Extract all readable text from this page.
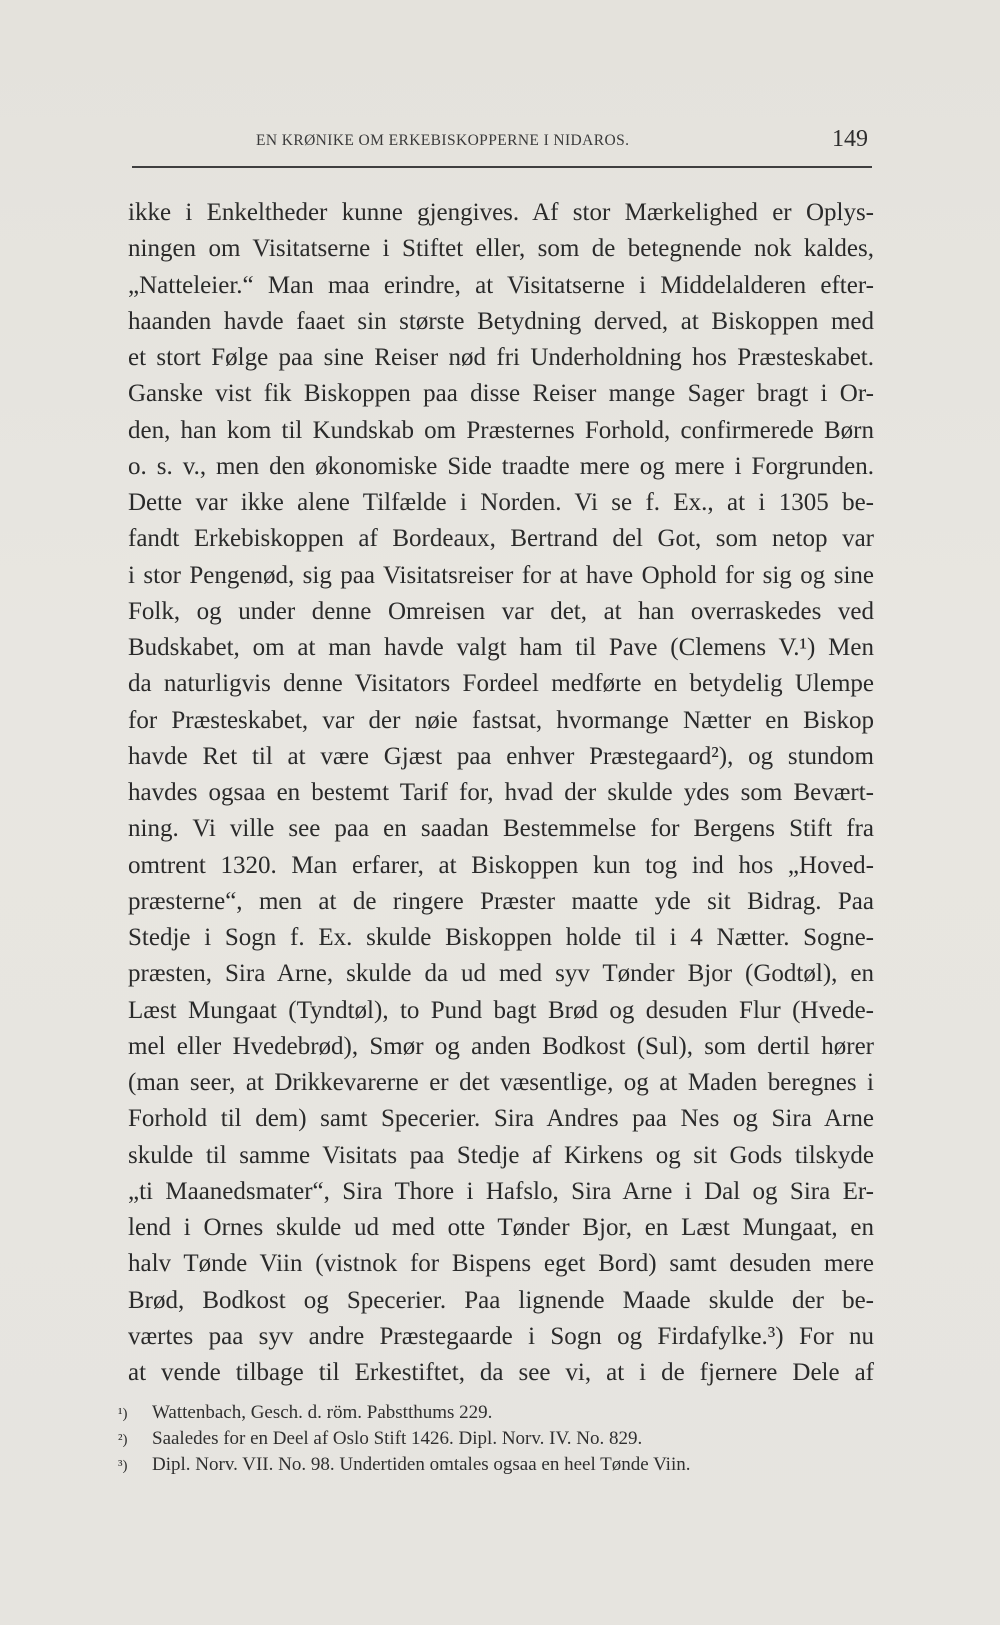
EN KRØNIKE OM ERKEBISKOPPERNE I NIDAROS.	149
ikke i Enkeltheder kunne gjengives. Af stor Mærkelighed er Oplys-
ningen om Visitatserne i Stiftet eller, som de betegnende nok kaldes,
„Natteleier.“ Man maa erindre, at Visitatserne i Middelalderen efter-
haanden havde faaet sin største Betydning derved, at Biskoppen med
et stort Følge paa sine Reiser nød fri Underholdning hos Præsteskabet.
Ganske vist fik Biskoppen paa disse Reiser mange Sager bragt i Or-
den, han kom til Kundskab om Præsternes Forhold, confirmerede Børn
o. s. v., men den økonomiske Side traadte mere og mere i Forgrunden.
Dette var ikke alene Tilfælde i Norden. Vi se f. Ex., at i 1305 be-
fandt Erkebiskoppen af Bordeaux, Bertrand del Got, som netop var
i stor Pengenød, sig paa Visitatsreiser for at have Ophold for sig og sine
Folk, og under denne Omreisen var det, at han overraskedes ved
Budskabet, om at man havde valgt ham til Pave (Clemens V.¹) Men
da naturligvis denne Visitators Fordeel medførte en betydelig Ulempe
for Præsteskabet, var der nøie fastsat, hvormange Nætter en Biskop
havde Ret til at være Gjæst paa enhver Præstegaard²), og stundom
havdes ogsaa en bestemt Tarif for, hvad der skulde ydes som Bevært-
ning. Vi ville see paa en saadan Bestemmelse for Bergens Stift fra
omtrent 1320. Man erfarer, at Biskoppen kun tog ind hos „Hoved-
præsterne“, men at de ringere Præster maatte yde sit Bidrag. Paa
Stedje i Sogn f. Ex. skulde Biskoppen holde til i 4 Nætter. Sogne-
præsten, Sira Arne, skulde da ud med syv Tønder Bjor (Godtøl), en
Læst Mungaat (Tyndtøl), to Pund bagt Brød og desuden Flur (Hvede-
mel eller Hvedebrød), Smør og anden Bodkost (Sul), som dertil hører
(man seer, at Drikkevarerne er det væsentlige, og at Maden beregnes i
Forhold til dem) samt Specerier. Sira Andres paa Nes og Sira Arne
skulde til samme Visitats paa Stedje af Kirkens og sit Gods tilskyde
„ti Maanedsmater“, Sira Thore i Hafslo, Sira Arne i Dal og Sira Er-
lend i Ornes skulde ud med otte Tønder Bjor, en Læst Mungaat, en
halv Tønde Viin (vistnok for Bispens eget Bord) samt desuden mere
Brød, Bodkost og Specerier. Paa lignende Maade skulde der be-
værtes paa syv andre Præstegaarde i Sogn og Firdafylke.³) For nu
at vende tilbage til Erkestiftet, da see vi, at i de fjernere Dele af
¹)	Wattenbach, Gesch. d. röm. Pabstthums 229.
²)	Saaledes for en Deel af Oslo Stift 1426. Dipl. Norv. IV. No. 829.
³)	Dipl. Norv. VII. No. 98. Undertiden omtales ogsaa en heel Tønde Viin.
